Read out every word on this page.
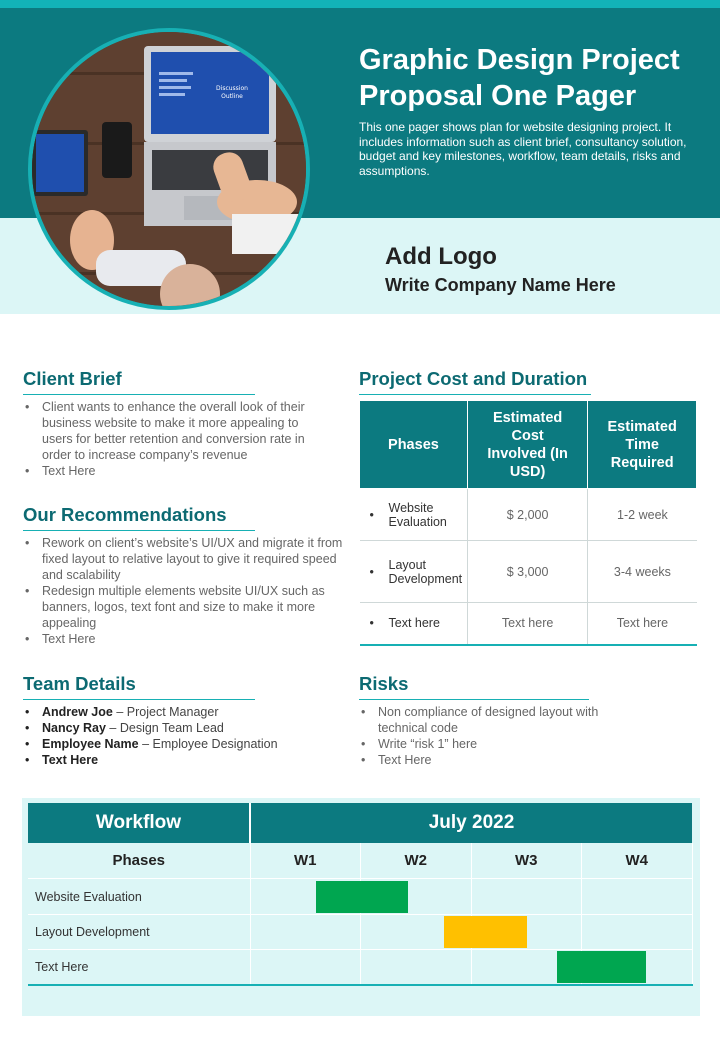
Discussion
Outline
Graphic Design Project Proposal One Pager
This one pager shows plan for website designing project. It includes information such as client brief, consultancy solution, budget and key milestones, workflow, team details, risks and assumptions.
Add Logo
Write Company Name Here
Client Brief
• Client wants to enhance the overall look of their business website to make it more appealing to users for better retention and conversion rate in order to increase company’s revenue
• Text Here
Our Recommendations
• Rework on client’s website’s UI/UX and migrate it from fixed layout to relative layout to give it required speed and scalability
• Redesign multiple elements website UI/UX such as banners, logos, text font and size to make it more appealing
• Text Here
Team Details
• Andrew Joe – Project Manager
• Nancy Ray – Design Team Lead
• Employee Name – Employee Designation
• Text Here
Project Cost and Duration
Phases	Estimated Cost Involved (In USD)	Estimated Time Required

• Website Evaluation	$ 2,000	1-2 week

• Layout Development	$ 3,000	3-4 weeks

• Text here	Text here	Text here
Risks
• Non compliance of designed layout with technical code
• Write “risk 1” here
• Text Here
Workflow	July 2022			
Phases	W1	W2	W3	W4
Website Evaluation				
Layout Development				
Text Here				
